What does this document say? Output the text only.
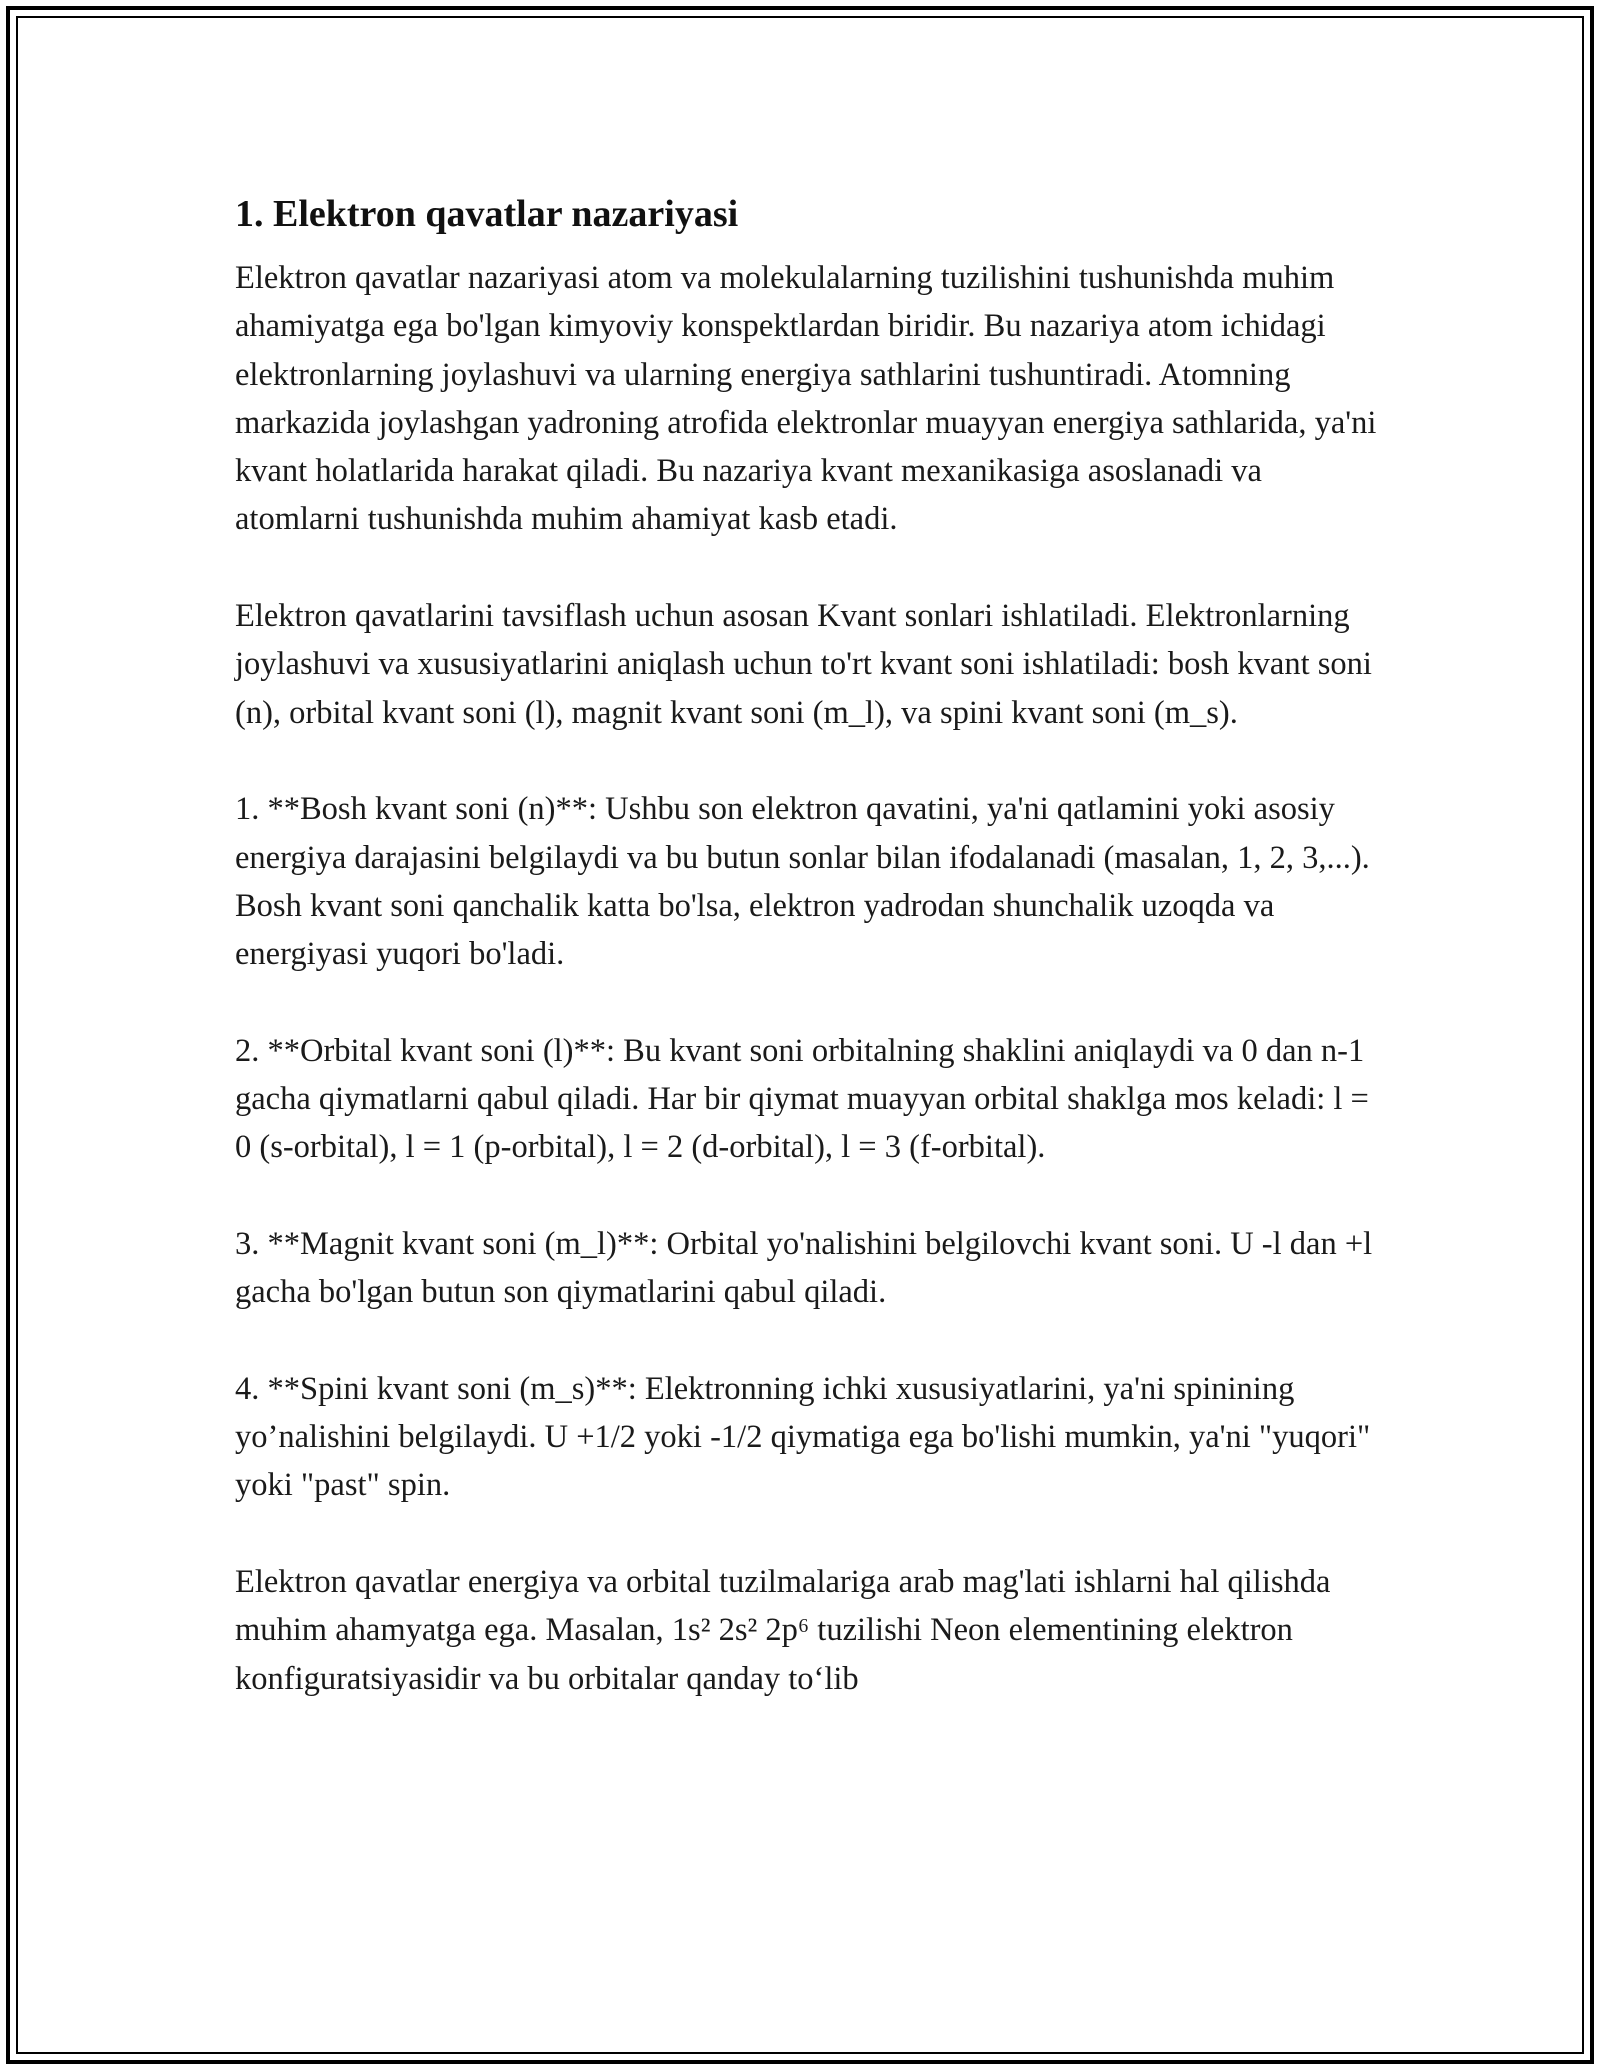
1. Elektron qavatlar nazariyasi

Elektron qavatlar nazariyasi atom va molekulalarning tuzilishini tushunishda muhim ahamiyatga ega bo'lgan kimyoviy konspektlardan biridir. Bu nazariya atom ichidagi elektronlarning joylashuvi va ularning energiya sathlarini tushuntiradi. Atomning markazida joylashgan yadroning atrofida elektronlar muayyan energiya sathlarida, ya'ni kvant holatlarida harakat qiladi. Bu nazariya kvant mexanikasiga asoslanadi va atomlarni tushunishda muhim ahamiyat kasb etadi.

Elektron qavatlarini tavsiflash uchun asosan Kvant sonlari ishlatiladi. Elektronlarning joylashuvi va xususiyatlarini aniqlash uchun to'rt kvant soni ishlatiladi: bosh kvant soni (n), orbital kvant soni (l), magnit kvant soni (m_l), va spini kvant soni (m_s).

1. **Bosh kvant soni (n)**: Ushbu son elektron qavatini, ya'ni qatlamini yoki asosiy energiya darajasini belgilaydi va bu butun sonlar bilan ifodalanadi (masalan, 1, 2, 3,...). Bosh kvant soni qanchalik katta bo'lsa, elektron yadrodan shunchalik uzoqda va energiyasi yuqori bo'ladi.

2. **Orbital kvant soni (l)**: Bu kvant soni orbitalning shaklini aniqlaydi va 0 dan n-1 gacha qiymatlarni qabul qiladi. Har bir qiymat muayyan orbital shaklga mos keladi: l = 0 (s-orbital), l = 1 (p-orbital), l = 2 (d-orbital), l = 3 (f-orbital).

3. **Magnit kvant soni (m_l)**: Orbital yo'nalishini belgilovchi kvant soni. U -l dan +l gacha bo'lgan butun son qiymatlarini qabul qiladi.

4. **Spini kvant soni (m_s)**: Elektronning ichki xususiyatlarini, ya'ni spinining yo’nalishini belgilaydi. U +1/2 yoki -1/2 qiymatiga ega bo'lishi mumkin, ya'ni "yuqori" yoki "past" spin.

Elektron qavatlar energiya va orbital tuzilmalariga arab mag'lati ishlarni hal qilishda muhim ahamyatga ega. Masalan, 1s² 2s² 2p⁶ tuzilishi Neon elementining elektron konfiguratsiyasidir va bu orbitalar qanday to‘lib
